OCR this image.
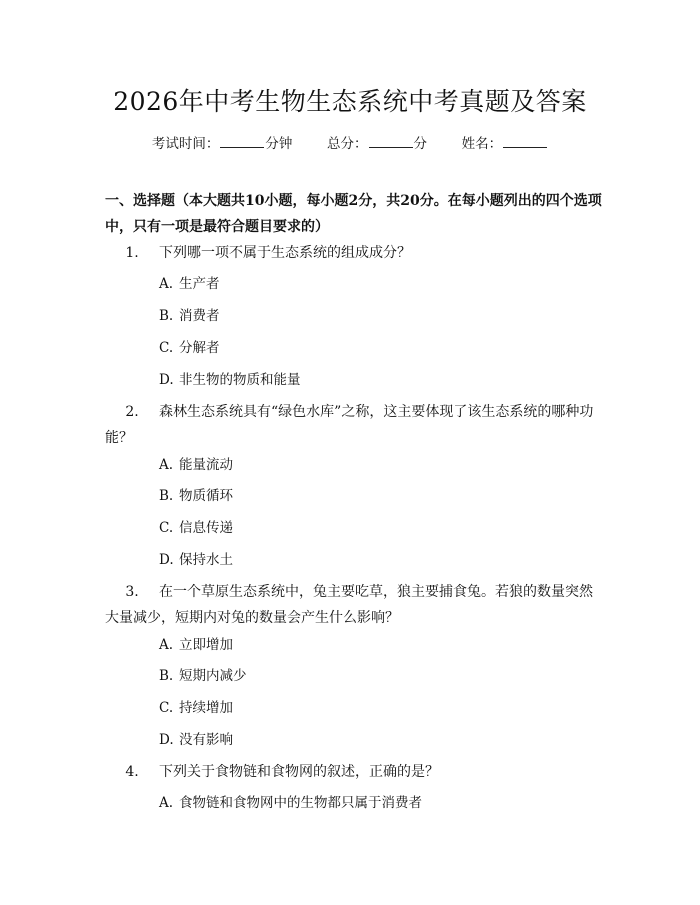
2026年中考生物生态系统中考真题及答案
考试时间：	分钟	总分：	分	姓名：
一、选择题（本大题共10小题，每小题2分，共20分。在每小题列出的四个选项中，只有一项是最符合题目要求的）
1. 下列哪一项不属于生态系统的组成成分？
A. 生产者
B. 消费者
C. 分解者
D. 非生物的物质和能量
2. 森林生态系统具有“绿色水库”之称，这主要体现了该生态系统的哪种功能？
A. 能量流动
B. 物质循环
C. 信息传递
D. 保持水土
3. 在一个草原生态系统中，兔主要吃草，狼主要捕食兔。若狼的数量突然大量减少，短期内对兔的数量会产生什么影响？
A. 立即增加
B. 短期内减少
C. 持续增加
D. 没有影响
4. 下列关于食物链和食物网的叙述，正确的是？
A. 食物链和食物网中的生物都只属于消费者
